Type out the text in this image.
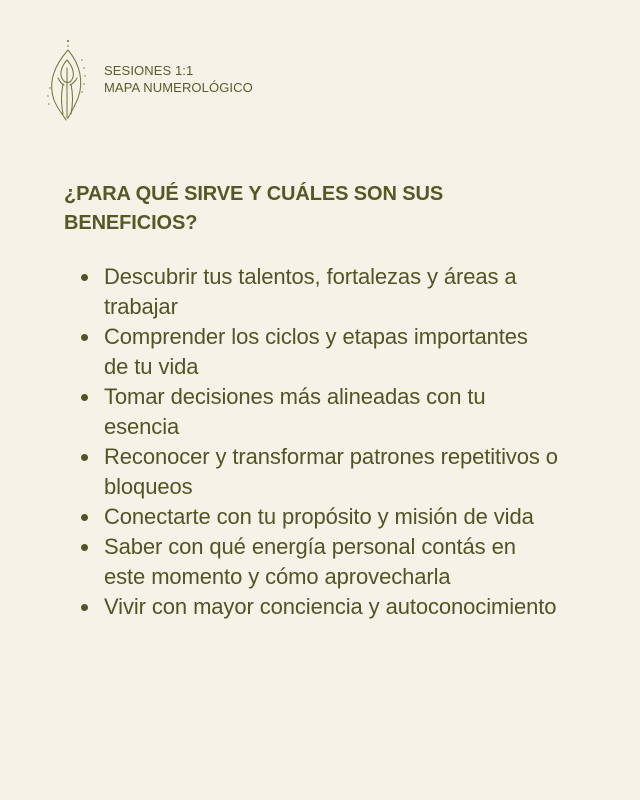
SESIONES 1:1
MAPA NUMEROLÓGICO
¿PARA QUÉ SIRVE Y CUÁLES SON SUS BENEFICIOS?
Descubrir tus talentos, fortalezas y áreas a trabajar
Comprender los ciclos y etapas importantes de tu vida
Tomar decisiones más alineadas con tu esencia
Reconocer y transformar patrones repetitivos o bloqueos
Conectarte con tu propósito y misión de vida
Saber con qué energía personal contás en este momento y cómo aprovecharla
Vivir con mayor conciencia y autoconocimiento
